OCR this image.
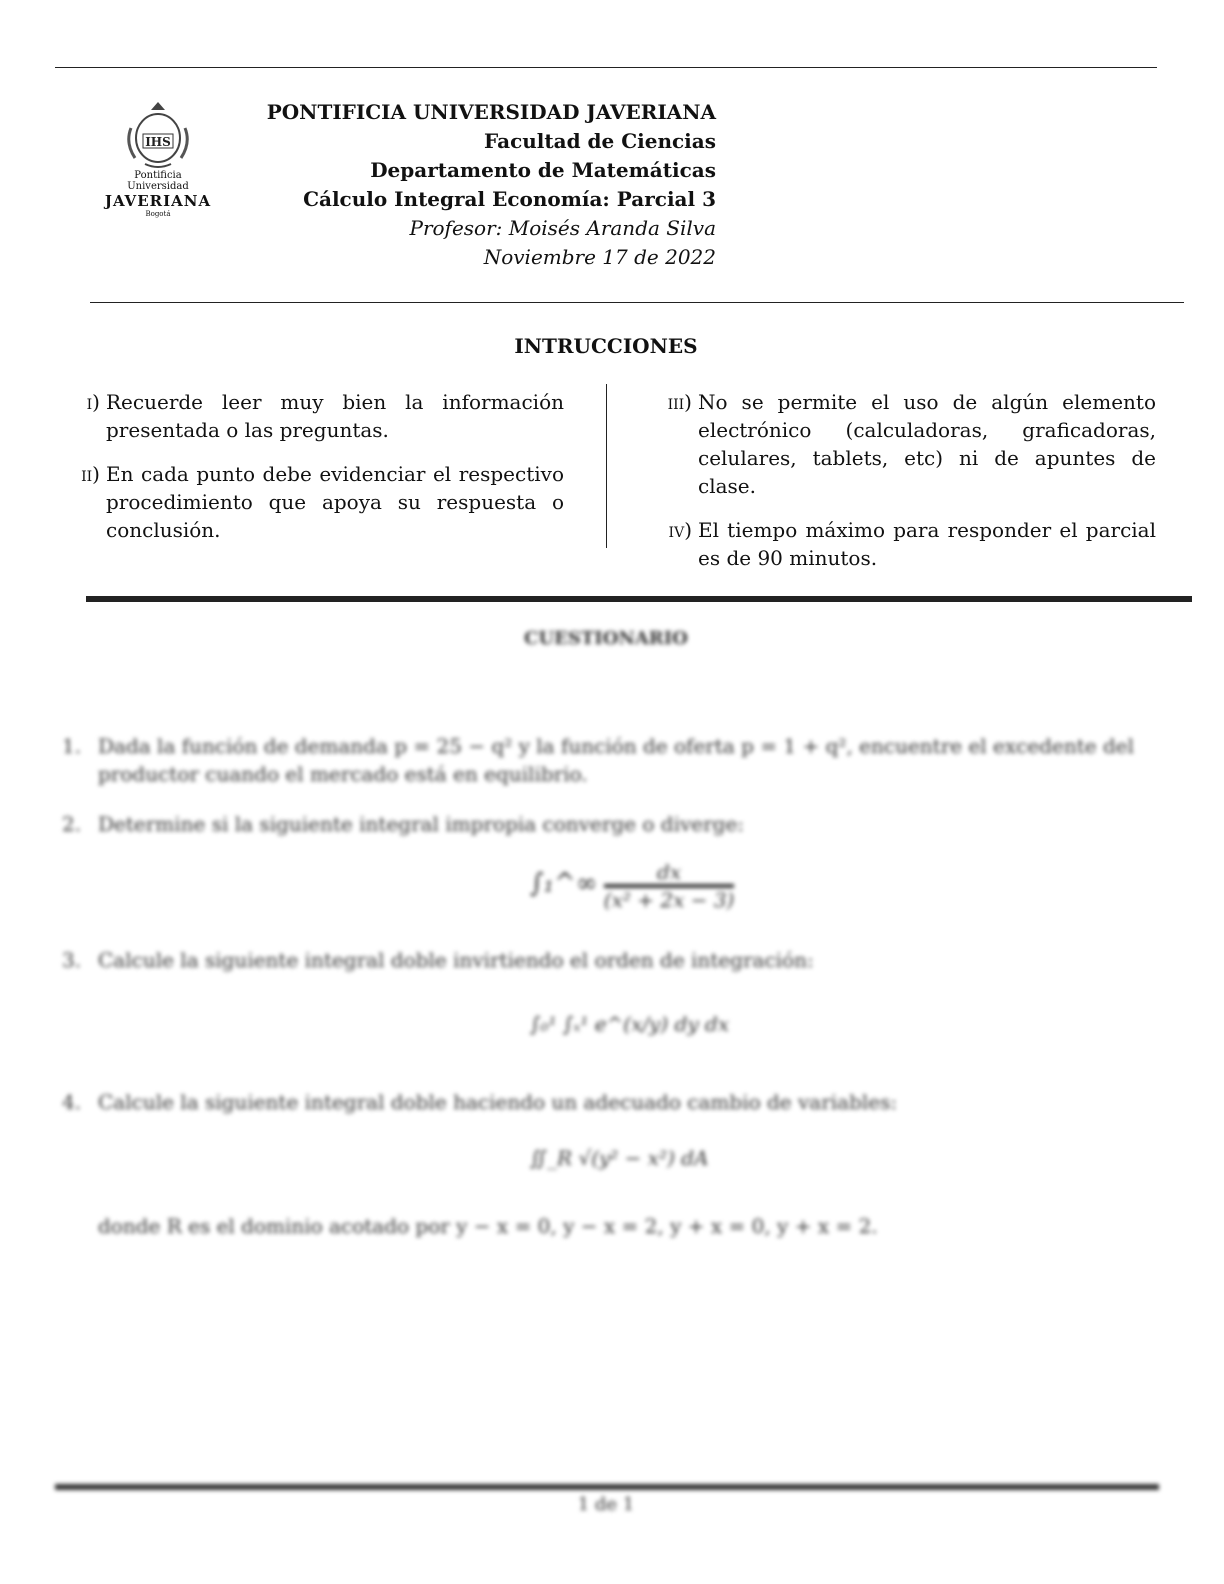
IHS
Pontificia Universidad
JAVERIANA
Bogotá
PONTIFICIA UNIVERSIDAD JAVERIANA
Facultad de Ciencias
Departamento de Matemáticas
Cálculo Integral Economía: Parcial 3
Profesor: Moisés Aranda Silva
Noviembre 17 de 2022
INTRUCCIONES
i) Recuerde leer muy bien la información presentada o las preguntas.
ii) En cada punto debe evidenciar el respectivo procedimiento que apoya su respuesta o conclusión.
iii) No se permite el uso de algún elemento electrónico (calculadoras, graficadoras, celulares, tablets, etc) ni de apuntes de clase.
iv) El tiempo máximo para responder el parcial es de 90 minutos.
CUESTIONARIO
1. Dada la función de demanda p = 25 − q² y la función de oferta p = 1 + q², encuentre el excedente del productor cuando el mercado está en equilibrio.
2. Determine si la siguiente integral impropia converge o diverge:
∫₁^∞ $\frac{dx}{\text{(x² + 2x − 3)}}$
3. Calcule la siguiente integral doble invirtiendo el orden de integración:
∫₀¹ ∫ₓ¹ e^(x/y) dy dx
4. Calcule la siguiente integral doble haciendo un adecuado cambio de variables:
∬_R √(y² − x²) dA
donde R es el dominio acotado por y − x = 0, y − x = 2, y + x = 0, y + x = 2.
1 de 1
